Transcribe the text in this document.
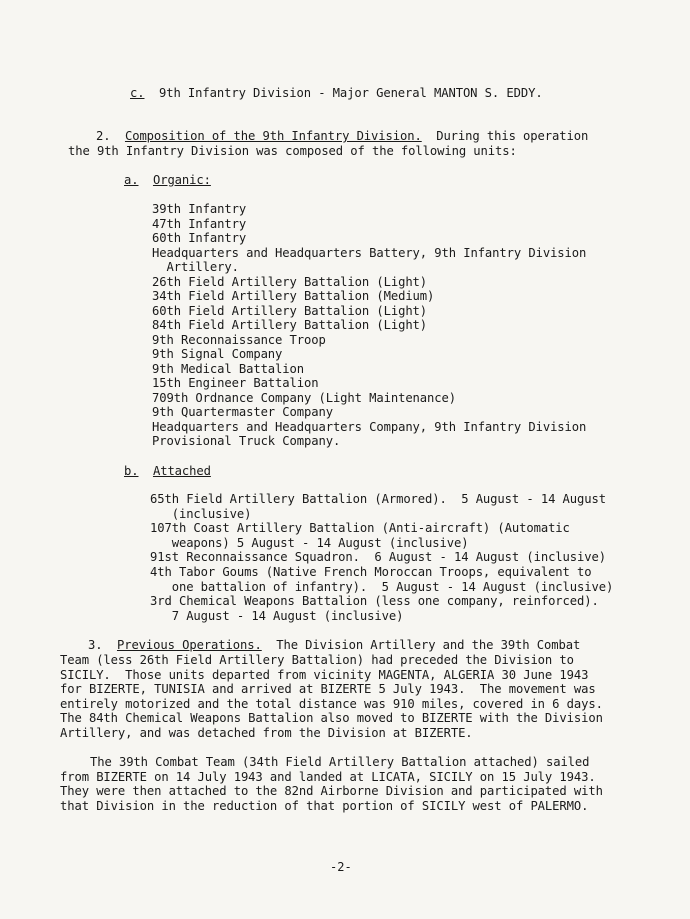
c. 9th Infantry Division - Major General MANTON S. EDDY.
2. Composition of the 9th Infantry Division. During this operation
the 9th Infantry Division was composed of the following units:
a. Organic:
39th Infantry
47th Infantry
60th Infantry
Headquarters and Headquarters Battery, 9th Infantry Division
Artillery.
26th Field Artillery Battalion (Light)
34th Field Artillery Battalion (Medium)
60th Field Artillery Battalion (Light)
84th Field Artillery Battalion (Light)
9th Reconnaissance Troop
9th Signal Company
9th Medical Battalion
15th Engineer Battalion
709th Ordnance Company (Light Maintenance)
9th Quartermaster Company
Headquarters and Headquarters Company, 9th Infantry Division
Provisional Truck Company.
b. Attached
65th Field Artillery Battalion (Armored).  5 August - 14 August
(inclusive)
107th Coast Artillery Battalion (Anti-aircraft) (Automatic
weapons) 5 August - 14 August (inclusive)
91st Reconnaissance Squadron.  6 August - 14 August (inclusive)
4th Tabor Goums (Native French Moroccan Troops, equivalent to
one battalion of infantry).  5 August - 14 August (inclusive)
3rd Chemical Weapons Battalion (less one company, reinforced).
7 August - 14 August (inclusive)
3. Previous Operations. The Division Artillery and the 39th Combat
Team (less 26th Field Artillery Battalion) had preceded the Division to
SICILY.  Those units departed from vicinity MAGENTA, ALGERIA 30 June 1943
for BIZERTE, TUNISIA and arrived at BIZERTE 5 July 1943.  The movement was
entirely motorized and the total distance was 910 miles, covered in 6 days.
The 84th Chemical Weapons Battalion also moved to BIZERTE with the Division
Artillery, and was detached from the Division at BIZERTE.
The 39th Combat Team (34th Field Artillery Battalion attached) sailed
from BIZERTE on 14 July 1943 and landed at LICATA, SICILY on 15 July 1943.
They were then attached to the 82nd Airborne Division and participated with
that Division in the reduction of that portion of SICILY west of PALERMO.
-2-
